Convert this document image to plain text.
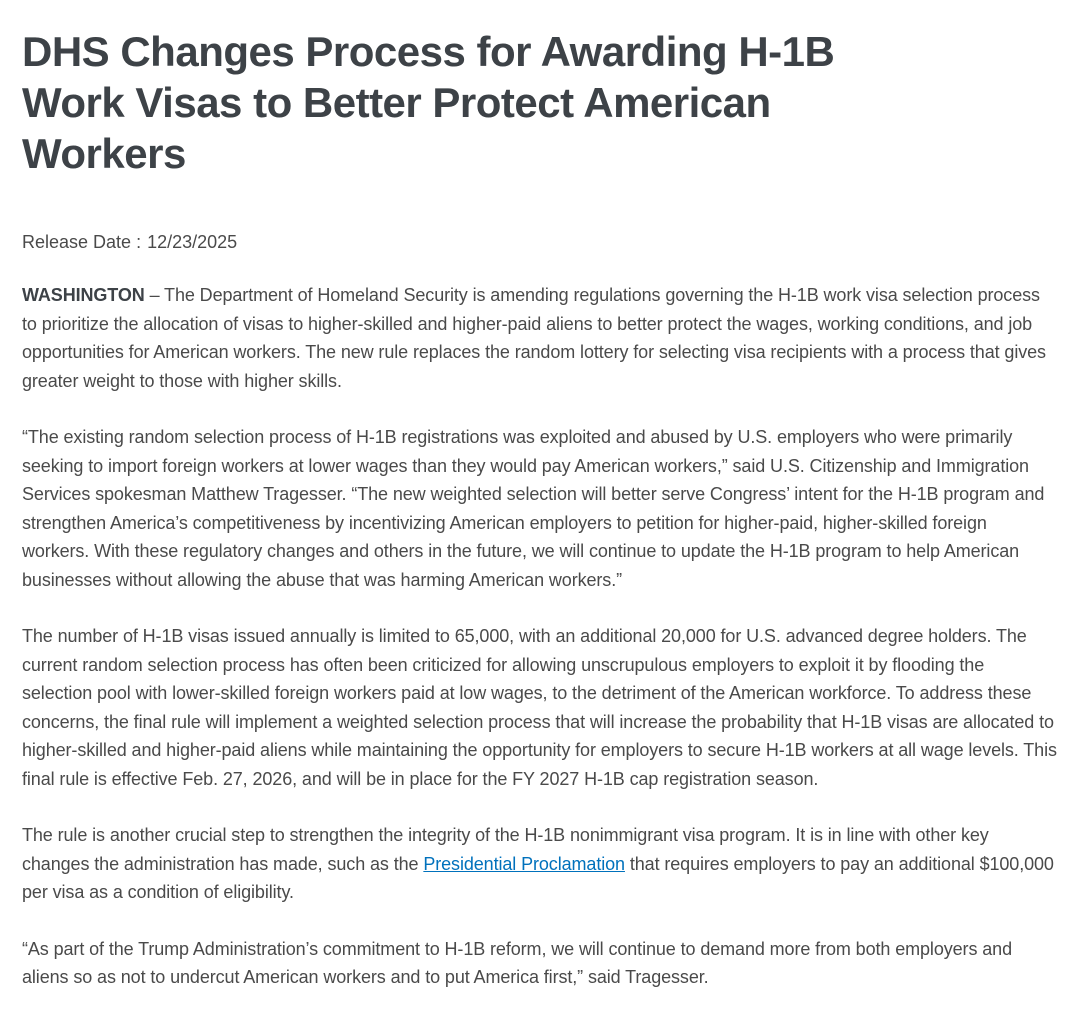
DHS Changes Process for Awarding H-1B Work Visas to Better Protect American Workers

Release Date : 12/23/2025

WASHINGTON – The Department of Homeland Security is amending regulations governing the H-1B work visa selection process to prioritize the allocation of visas to higher-skilled and higher-paid aliens to better protect the wages, working conditions, and job opportunities for American workers. The new rule replaces the random lottery for selecting visa recipients with a process that gives greater weight to those with higher skills.

“The existing random selection process of H-1B registrations was exploited and abused by U.S. employers who were primarily seeking to import foreign workers at lower wages than they would pay American workers,” said U.S. Citizenship and Immigration Services spokesman Matthew Tragesser. “The new weighted selection will better serve Congress’ intent for the H-1B program and strengthen America’s competitiveness by incentivizing American employers to petition for higher-paid, higher-skilled foreign workers. With these regulatory changes and others in the future, we will continue to update the H-1B program to help American businesses without allowing the abuse that was harming American workers.”

The number of H-1B visas issued annually is limited to 65,000, with an additional 20,000 for U.S. advanced degree holders. The current random selection process has often been criticized for allowing unscrupulous employers to exploit it by flooding the selection pool with lower-skilled foreign workers paid at low wages, to the detriment of the American workforce. To address these concerns, the final rule will implement a weighted selection process that will increase the probability that H-1B visas are allocated to higher-skilled and higher-paid aliens while maintaining the opportunity for employers to secure H-1B workers at all wage levels. This final rule is effective Feb. 27, 2026, and will be in place for the FY 2027 H-1B cap registration season.

The rule is another crucial step to strengthen the integrity of the H-1B nonimmigrant visa program. It is in line with other key changes the administration has made, such as the Presidential Proclamation that requires employers to pay an additional $100,000 per visa as a condition of eligibility.

“As part of the Trump Administration’s commitment to H-1B reform, we will continue to demand more from both employers and aliens so as not to undercut American workers and to put America first,” said Tragesser.
